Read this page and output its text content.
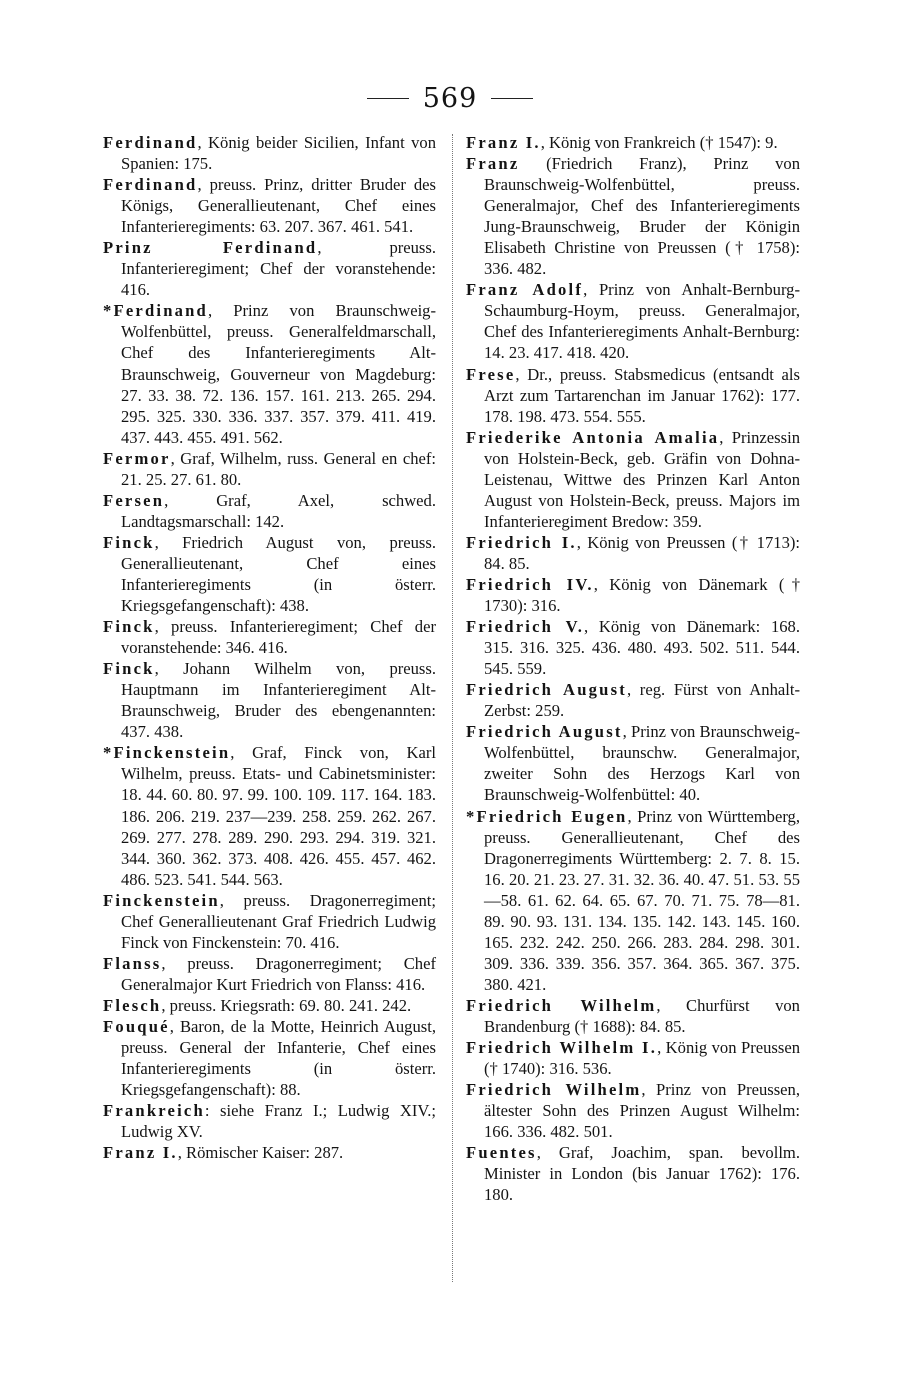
569
Ferdinand, König beider Sicilien, Infant von Spanien: 175.
Ferdinand, preuss. Prinz, dritter Bruder des Königs, Generallieutenant, Chef eines Infanterieregiments: 63. 207. 367. 461. 541.
Prinz Ferdinand, preuss. Infanterieregiment; Chef der voranstehende: 416.
*Ferdinand, Prinz von Braunschweig-Wolfenbüttel, preuss. Generalfeldmarschall, Chef des Infanterieregiments Alt-Braunschweig, Gouverneur von Magdeburg: 27. 33. 38. 72. 136. 157. 161. 213. 265. 294. 295. 325. 330. 336. 337. 357. 379. 411. 419. 437. 443. 455. 491. 562.
Fermor, Graf, Wilhelm, russ. General en chef: 21. 25. 27. 61. 80.
Fersen, Graf, Axel, schwed. Landtagsmarschall: 142.
Finck, Friedrich August von, preuss. Generallieutenant, Chef eines Infanterieregiments (in österr. Kriegsgefangenschaft): 438.
Finck, preuss. Infanterieregiment; Chef der voranstehende: 346. 416.
Finck, Johann Wilhelm von, preuss. Hauptmann im Infanterieregiment Alt-Braunschweig, Bruder des ebengenannten: 437. 438.
*Finckenstein, Graf, Finck von, Karl Wilhelm, preuss. Etats- und Cabinetsminister: 18. 44. 60. 80. 97. 99. 100. 109. 117. 164. 183. 186. 206. 219. 237—239. 258. 259. 262. 267. 269. 277. 278. 289. 290. 293. 294. 319. 321. 344. 360. 362. 373. 408. 426. 455. 457. 462. 486. 523. 541. 544. 563.
Finckenstein, preuss. Dragonerregiment; Chef Generallieutenant Graf Friedrich Ludwig Finck von Finckenstein: 70. 416.
Flanss, preuss. Dragonerregiment; Chef Generalmajor Kurt Friedrich von Flanss: 416.
Flesch, preuss. Kriegsrath: 69. 80. 241. 242.
Fouqué, Baron, de la Motte, Heinrich August, preuss. General der Infanterie, Chef eines Infanterieregiments (in österr. Kriegsgefangenschaft): 88.
Frankreich: siehe Franz I.; Ludwig XIV.; Ludwig XV.
Franz I., Römischer Kaiser: 287.
Franz I., König von Frankreich († 1547): 9.
Franz (Friedrich Franz), Prinz von Braunschweig-Wolfenbüttel, preuss. Generalmajor, Chef des Infanterieregiments Jung-Braunschweig, Bruder der Königin Elisabeth Christine von Preussen († 1758): 336. 482.
Franz Adolf, Prinz von Anhalt-Bernburg-Schaumburg-Hoym, preuss. Generalmajor, Chef des Infanterieregiments Anhalt-Bernburg: 14. 23. 417. 418. 420.
Frese, Dr., preuss. Stabsmedicus (entsandt als Arzt zum Tartarenchan im Januar 1762): 177. 178. 198. 473. 554. 555.
Friederike Antonia Amalia, Prinzessin von Holstein-Beck, geb. Gräfin von Dohna-Leistenau, Wittwe des Prinzen Karl Anton August von Holstein-Beck, preuss. Majors im Infanterieregiment Bredow: 359.
Friedrich I., König von Preussen († 1713): 84. 85.
Friedrich IV., König von Dänemark († 1730): 316.
Friedrich V., König von Dänemark: 168. 315. 316. 325. 436. 480. 493. 502. 511. 544. 545. 559.
Friedrich August, reg. Fürst von Anhalt-Zerbst: 259.
Friedrich August, Prinz von Braunschweig-Wolfenbüttel, braunschw. Generalmajor, zweiter Sohn des Herzogs Karl von Braunschweig-Wolfenbüttel: 40.
*Friedrich Eugen, Prinz von Württemberg, preuss. Generallieutenant, Chef des Dragonerregiments Württemberg: 2. 7. 8. 15. 16. 20. 21. 23. 27. 31. 32. 36. 40. 47. 51. 53. 55—58. 61. 62. 64. 65. 67. 70. 71. 75. 78—81. 89. 90. 93. 131. 134. 135. 142. 143. 145. 160. 165. 232. 242. 250. 266. 283. 284. 298. 301. 309. 336. 339. 356. 357. 364. 365. 367. 375. 380. 421.
Friedrich Wilhelm, Churfürst von Brandenburg († 1688): 84. 85.
Friedrich Wilhelm I., König von Preussen († 1740): 316. 536.
Friedrich Wilhelm, Prinz von Preussen, ältester Sohn des Prinzen August Wilhelm: 166. 336. 482. 501.
Fuentes, Graf, Joachim, span. bevollm. Minister in London (bis Januar 1762): 176. 180.
